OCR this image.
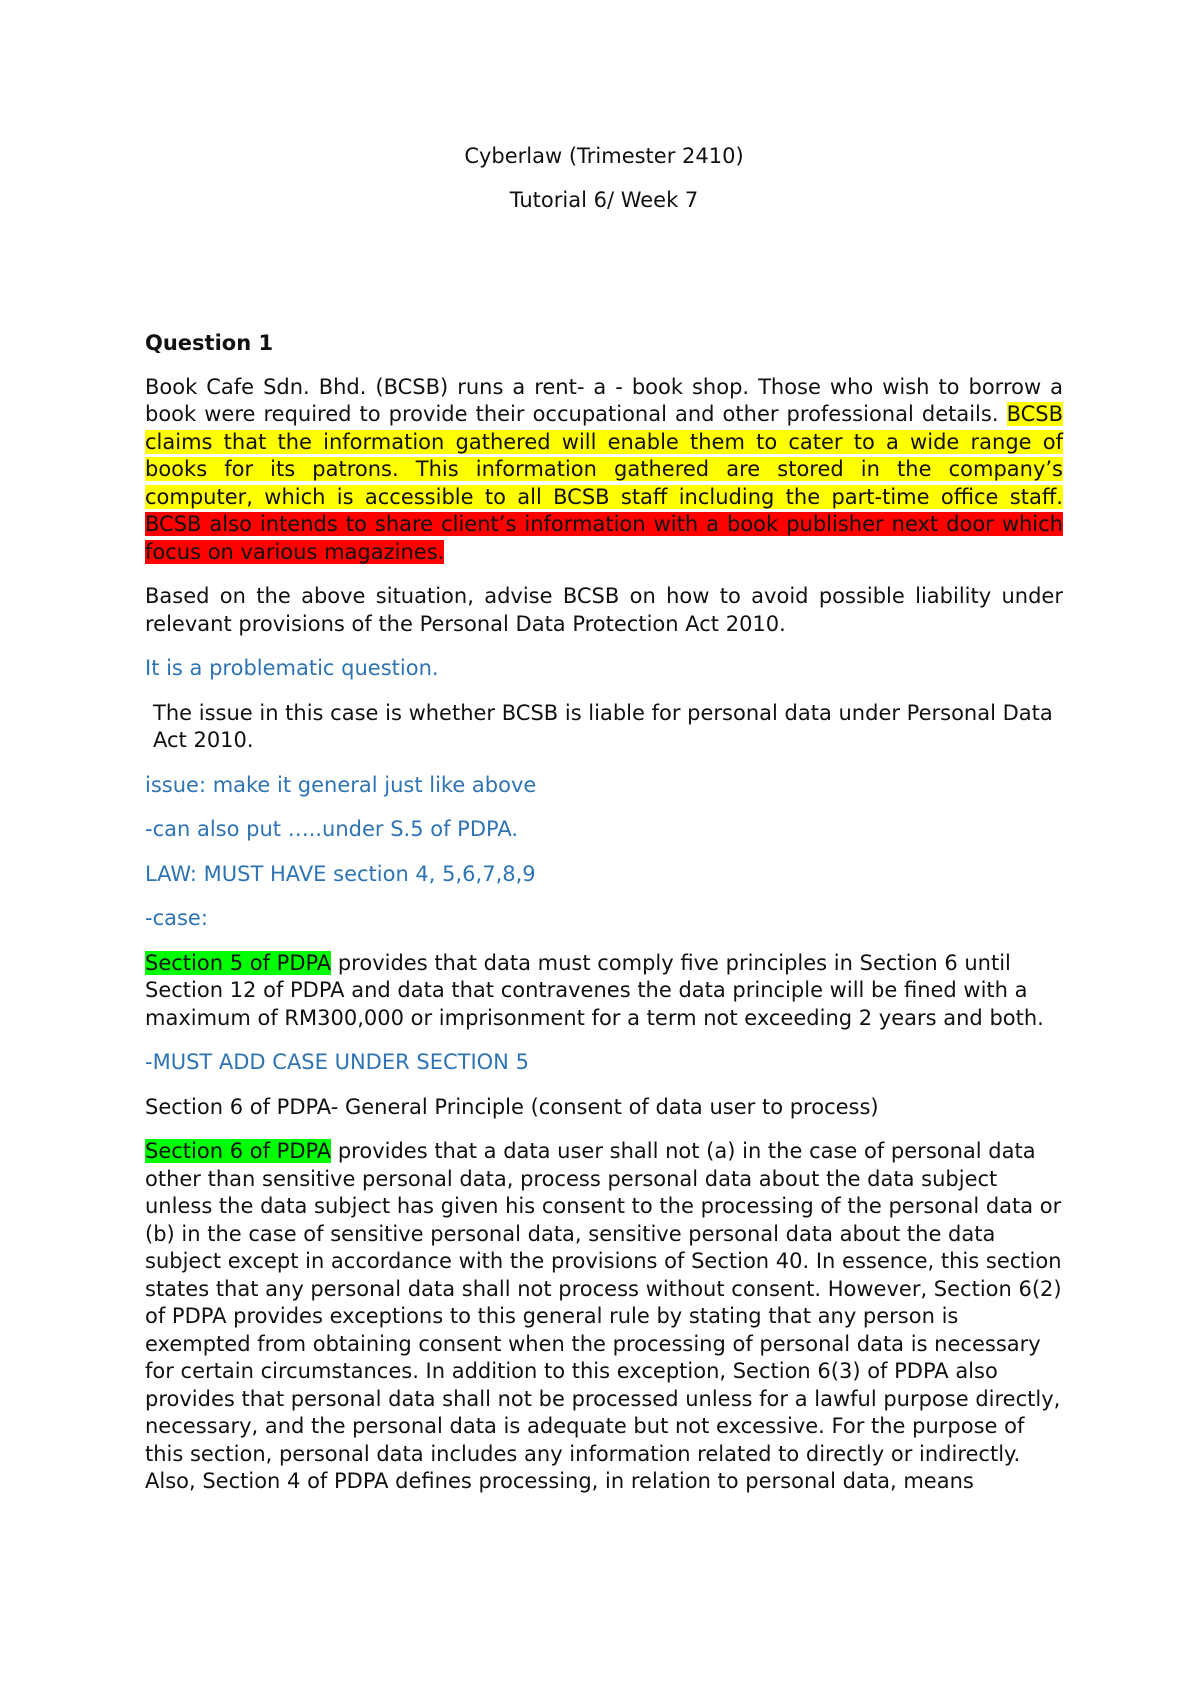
Cyberlaw (Trimester 2410)

Tutorial 6/ Week 7

Question 1

Book Cafe Sdn. Bhd. (BCSB) runs a rent- a - book shop. Those who wish to borrow a book were required to provide their occupational and other professional details. BCSB claims that the information gathered will enable them to cater to a wide range of books for its patrons. This information gathered are stored in the company’s computer, which is accessible to all BCSB staff including the part-time office staff. BCSB also intends to share client’s information with a book publisher next door which focus on various magazines.

Based on the above situation, advise BCSB on how to avoid possible liability under relevant provisions of the Personal Data Protection Act 2010.

It is a problematic question.

The issue in this case is whether BCSB is liable for personal data under Personal Data Act 2010.

issue: make it general just like above

-can also put …..under S.5 of PDPA.

LAW: MUST HAVE section 4, 5,6,7,8,9

-case:

Section 5 of PDPA provides that data must comply five principles in Section 6 until Section 12 of PDPA and data that contravenes the data principle will be fined with a maximum of RM300,000 or imprisonment for a term not exceeding 2 years and both.

-MUST ADD CASE UNDER SECTION 5

Section 6 of PDPA- General Principle (consent of data user to process)

Section 6 of PDPA provides that a data user shall not (a) in the case of personal data other than sensitive personal data, process personal data about the data subject unless the data subject has given his consent to the processing of the personal data or (b) in the case of sensitive personal data, sensitive personal data about the data subject except in accordance with the provisions of Section 40. In essence, this section states that any personal data shall not process without consent. However, Section 6(2) of PDPA provides exceptions to this general rule by stating that any person is exempted from obtaining consent when the processing of personal data is necessary for certain circumstances. In addition to this exception, Section 6(3) of PDPA also provides that personal data shall not be processed unless for a lawful purpose directly, necessary, and the personal data is adequate but not excessive. For the purpose of this section, personal data includes any information related to directly or indirectly. Also, Section 4 of PDPA defines processing, in relation to personal data, means
